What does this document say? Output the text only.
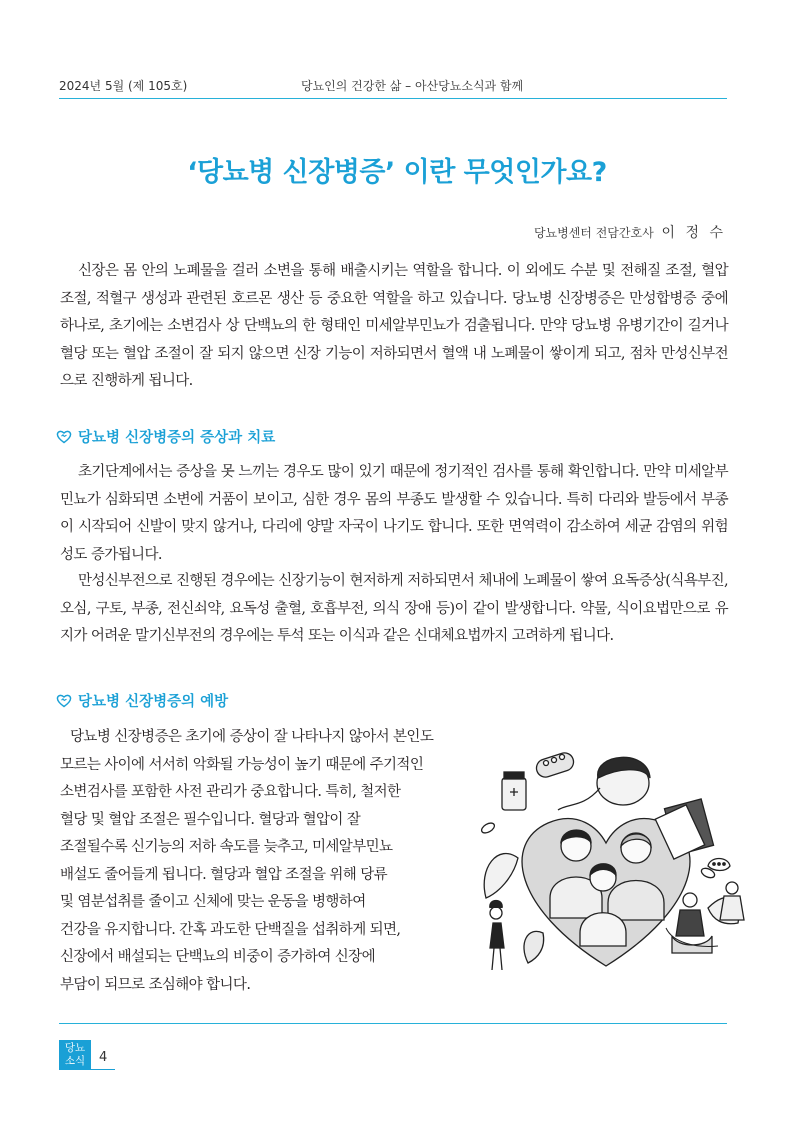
2024년 5월 (제 105호)	당뇨인의 건강한 삶 – 아산당뇨소식과 함께
‘당뇨병 신장병증’ 이란 무엇인가요?
당뇨병센터 전담간호사 이 정 수

신장은 몸 안의 노폐물을 걸러 소변을 통해 배출시키는 역할을 합니다. 이 외에도 수분 및 전해질 조절, 혈압 조절, 적혈구 생성과 관련된 호르몬 생산 등 중요한 역할을 하고 있습니다. 당뇨병 신장병증은 만성합병증 중에 하나로, 초기에는 소변검사 상 단백뇨의 한 형태인 미세알부민뇨가 검출됩니다. 만약 당뇨병 유병기간이 길거나 혈당 또는 혈압 조절이 잘 되지 않으면 신장 기능이 저하되면서 혈액 내 노폐물이 쌓이게 되고, 점차 만성신부전으로 진행하게 됩니다.

당뇨병 신장병증의 증상과 치료

초기단계에서는 증상을 못 느끼는 경우도 많이 있기 때문에 정기적인 검사를 통해 확인합니다. 만약 미세알부민뇨가 심화되면 소변에 거품이 보이고, 심한 경우 몸의 부종도 발생할 수 있습니다. 특히 다리와 발등에서 부종이 시작되어 신발이 맞지 않거나, 다리에 양말 자국이 나기도 합니다. 또한 면역력이 감소하여 세균 감염의 위험성도 증가됩니다.

만성신부전으로 진행된 경우에는 신장기능이 현저하게 저하되면서 체내에 노폐물이 쌓여 요독증상(식욕부진, 오심, 구토, 부종, 전신쇠약, 요독성 출혈, 호흡부전, 의식 장애 등)이 같이 발생합니다. 약물, 식이요법만으로 유지가 어려운 말기신부전의 경우에는 투석 또는 이식과 같은 신대체요법까지 고려하게 됩니다.

당뇨병 신장병증의 예방
당뇨병 신장병증은 초기에 증상이 잘 나타나지 않아서 본인도
모르는 사이에 서서히 악화될 가능성이 높기 때문에 주기적인
소변검사를 포함한 사전 관리가 중요합니다. 특히, 철저한
혈당 및 혈압 조절은 필수입니다. 혈당과 혈압이 잘
조절될수록 신기능의 저하 속도를 늦추고, 미세알부민뇨
배설도 줄어들게 됩니다. 혈당과 혈압 조절을 위해 당류
및 염분섭취를 줄이고 신체에 맞는 운동을 병행하여
건강을 유지합니다. 간혹 과도한 단백질을 섭취하게 되면,
신장에서 배설되는 단백뇨의 비중이 증가하여 신장에
부담이 되므로 조심해야 합니다.
당뇨
소식	4
